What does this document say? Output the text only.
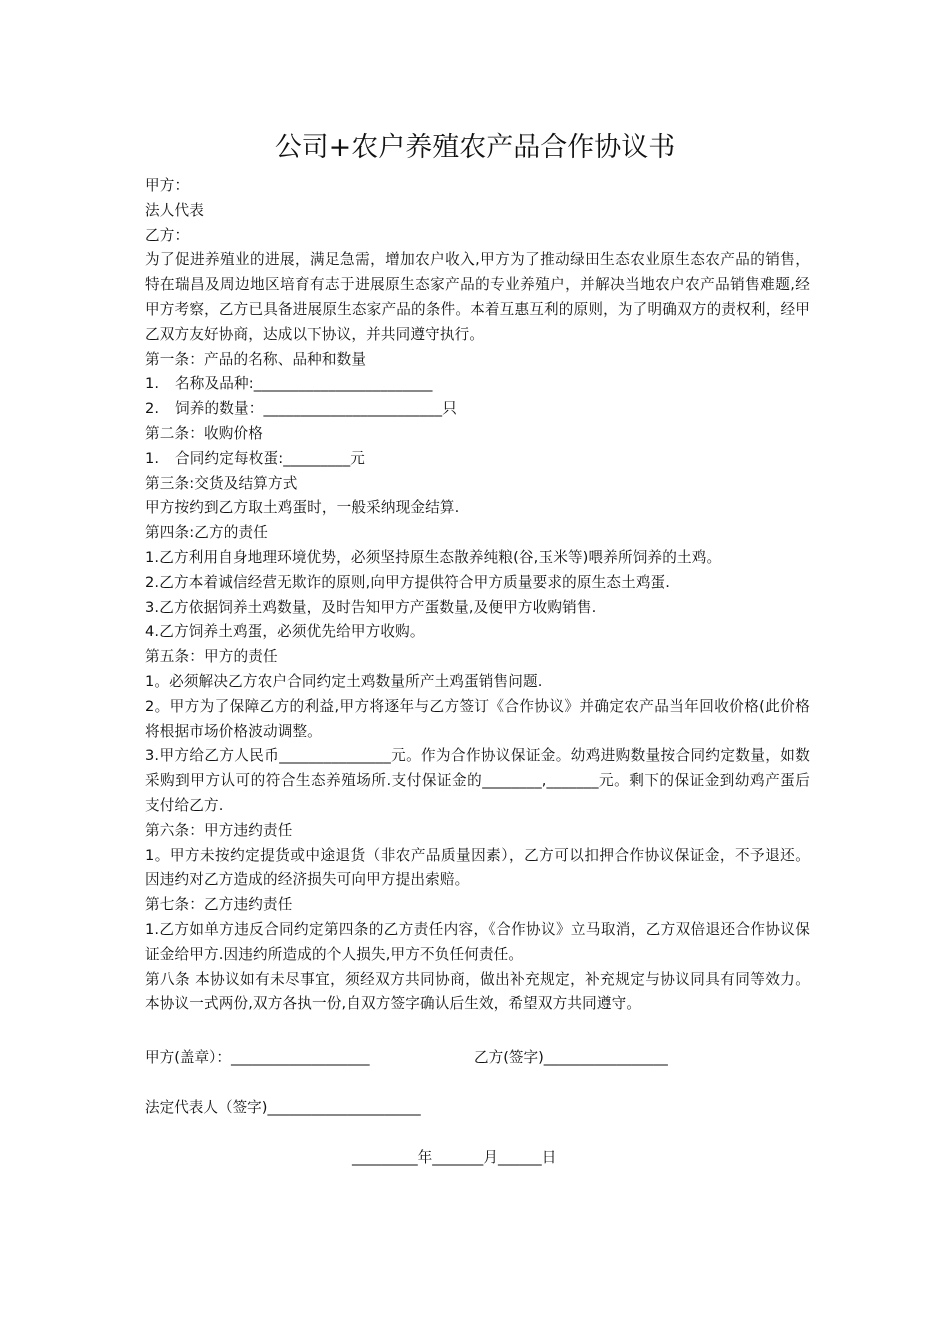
公司+农户养殖农产品合作协议书

甲方：

法人代表

乙方：

为了促进养殖业的进展，满足急需，增加农户收入,甲方为了推动绿田生态农业原生态农产品的销售，特在瑞昌及周边地区培育有志于进展原生态家产品的专业养殖户，并解决当地农户农产品销售难题,经甲方考察，乙方已具备进展原生态家产品的条件。本着互惠互利的原则，为了明确双方的责权利，经甲乙双方友好协商，达成以下协议，并共同遵守执行。

第一条：产品的名称、品种和数量

1. 名称及品种:________________________

2. 饲养的数量：________________________只

第二条：收购价格

1. 合同约定每枚蛋:_________元

第三条:交货及结算方式

甲方按约到乙方取土鸡蛋时，一般采纳现金结算.

第四条:乙方的责任

1.乙方利用自身地理环境优势，必须坚持原生态散养纯粮(谷,玉米等)喂养所饲养的土鸡。

2.乙方本着诚信经营无欺诈的原则,向甲方提供符合甲方质量要求的原生态土鸡蛋.

3.乙方依据饲养土鸡数量，及时告知甲方产蛋数量,及便甲方收购销售.

4.乙方饲养土鸡蛋，必须优先给甲方收购。

第五条：甲方的责任

1。必须解决乙方农户合同约定土鸡数量所产土鸡蛋销售问题.

2。甲方为了保障乙方的利益,甲方将逐年与乙方签订《合作协议》并确定农产品当年回收价格(此价格将根据市场价格波动调整。

3.甲方给乙方人民币_______________元。作为合作协议保证金。幼鸡进购数量按合同约定数量，如数采购到甲方认可的符合生态养殖场所.支付保证金的________,_______元。剩下的保证金到幼鸡产蛋后支付给乙方.

第六条：甲方违约责任

1。甲方未按约定提货或中途退货（非农产品质量因素），乙方可以扣押合作协议保证金，不予退还。因违约对乙方造成的经济损失可向甲方提出索赔。

第七条：乙方违约责任

1.乙方如单方违反合同约定第四条的乙方责任内容，《合作协议》立马取消，乙方双倍退还合作协议保证金给甲方.因违约所造成的个人损失,甲方不负任何责任。

第八条 本协议如有未尽事宜，须经双方共同协商，做出补充规定，补充规定与协议同具有同等效力。本协议一式两份,双方各执一份,自双方签字确认后生效，希望双方共同遵守。

甲方(盖章）：___________________	乙方(签字)_________________
法定代表人（签字)_____________________
_________年_______月______日
